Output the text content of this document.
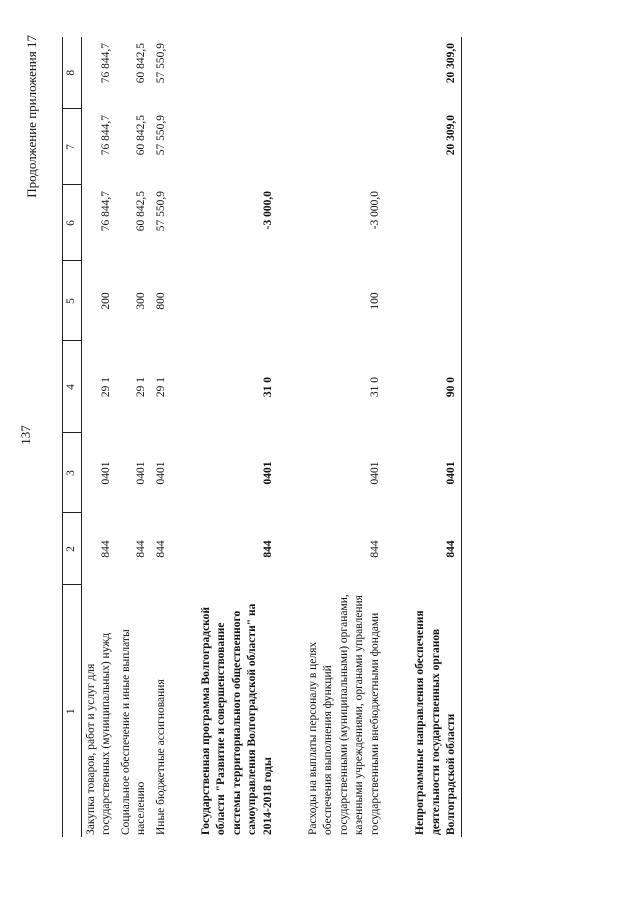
137
Продолжение приложения 17
1	2	3	4	5	6	7	8
Закупка товаров, работ и услуг для государственных (муниципальных) нужд	844	0401	29 1	200	76 844,7	76 844,7	76 844,7
Социальное обеспечение и иные выплаты населению	844	0401	29 1	300	60 842,5	60 842,5	60 842,5
Иные бюджетные ассигнования	844	0401	29 1	800	57 550,9	57 550,9	57 550,9

Государственная программа Волгоградской области "Развитие и совершенствование системы территориального общественного самоуправления Волгоградской области" на 2014-2018 годы	844	0401	31 0		-3 000,0		

Расходы на выплаты персоналу в целях обеспечения выполнения функций государственными (муниципальными) органами, казенными учреждениями, органами управления государственными внебюджетными фондами	844	0401	31 0	100	-3 000,0		

Непрограммные направления обеспечения деятельности государственных органов Волгоградской области	844	0401	90 0			20 309,0	20 309,0
